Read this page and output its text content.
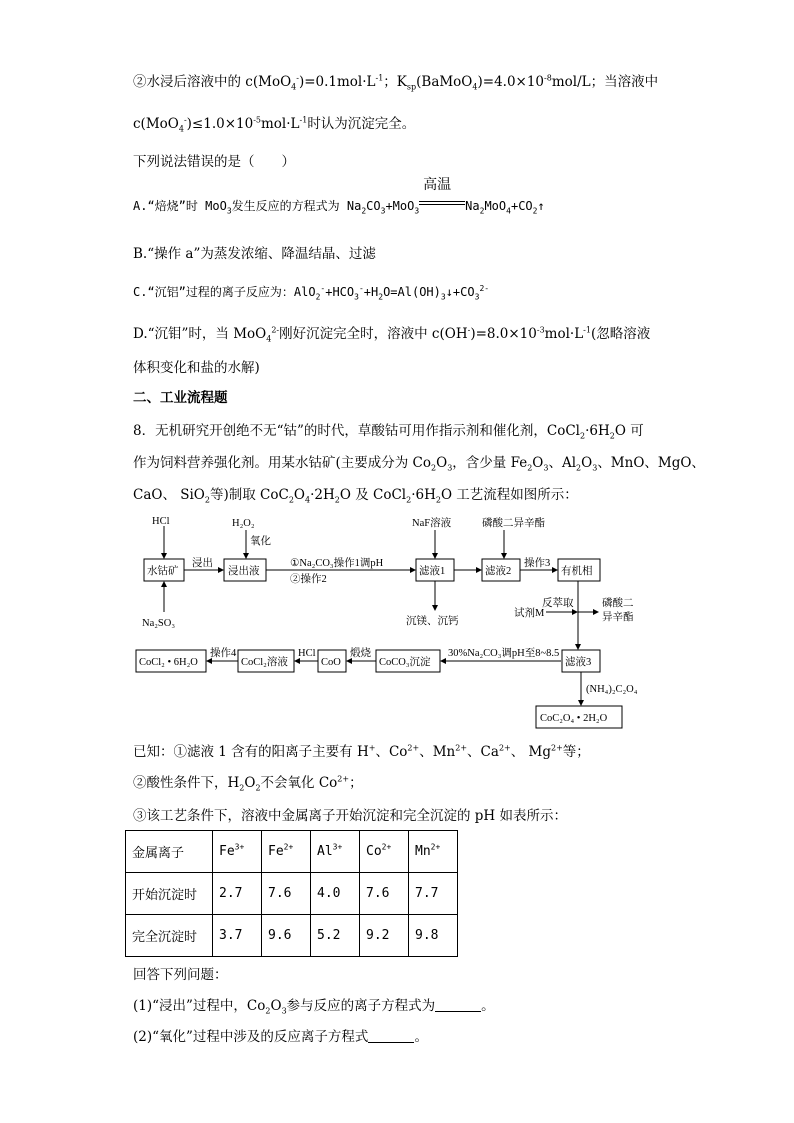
②水浸后溶液中的 $c(MoO_4^-)=0.1mol\cdot L^{-1}$；$K_{sp}(BaMoO_4)=4.0\times 10^{-8}mol/L$；当溶液中
$c(MoO_4^-)\le 1.0\times 10^{-5}mol\cdot L^{-1}$时认为沉淀完全。
下列说法错误的是（　　）
A.“焙烧”时 MoO$_3$发生反应的方程式为 $Na_2CO_3+MoO_3$
高温
$Na_2MoO_4+CO_2↑$
B.“操作 a”为蒸发浓缩、降温结晶、过滤
C.“沉铝”过程的离子反应为：$AlO_2^-+HCO_3^-+H_2O=Al(OH)_3↓+CO_3^{2-}$
D.“沉钼”时，当 MoO$_4^{2-}$刚好沉淀完全时，溶液中 $c(OH^-)=8.0\times 10^{-3}mol\cdot L^{-1}$(忽略溶液
体积变化和盐的水解)
二、工业流程题
8．无机研究开创绝不无“钴”的时代，草酸钴可用作指示剂和催化剂，$CoCl_2\cdot 6H_2O$ 可
作为饲料营养强化剂。用某水钴矿(主要成分为 $Co_2O_3$，含少量 $Fe_2O_3$、$Al_2O_3$、MnO、MgO、
CaO、 SiO$_2$等)制取 $CoC_2O_4\cdot 2H_2O$ 及 $CoCl_2\cdot 6H_2O$ 工艺流程如图所示：
HCl	H₂O₂
氧化
NaF溶液	磷酸二异辛酯
水钴矿
浸出
浸出液
①Na₂CO₃操作1调pH
②操作2
滤液1	滤液2
操作3
有机相
Na₂SO₃	沉镁、沉钙
试剂M
反萃取	磷酸二
异辛酯
CoCl₂ • 6H₂O
操作4
CoCl₂溶液
HCl
CoO
煅烧
CoCO₃沉淀
30%Na₂CO₃调pH至8~8.5
滤液3
(NH₄)₂C₂O₄
CoC₂O₄ • 2H₂O
已知：①滤液 1 含有的阳离子主要有 H+、$Co^{2+}$、$Mn^{2+}$、$Ca^{2+}$、 $Mg^{2+}$等；
②酸性条件下，$H_2O_2$不会氧化 $Co^{2+}$；
③该工艺条件下，溶液中金属离子开始沉淀和完全沉淀的 pH 如表所示：
金属离子	$Fe^{3+}$	$Fe^{2+}$	$Al^{3+}$	$Co^{2+}$	$Mn^{2+}$
开始沉淀时	2.7	7.6	4.0	7.6	7.7
完全沉淀时	3.7	9.6	5.2	9.2	9.8
回答下列问题：
(1)“浸出”过程中，$Co_2O_3$参与反应的离子方程式为	。
(2)“氧化”过程中涉及的反应离子方程式	。
